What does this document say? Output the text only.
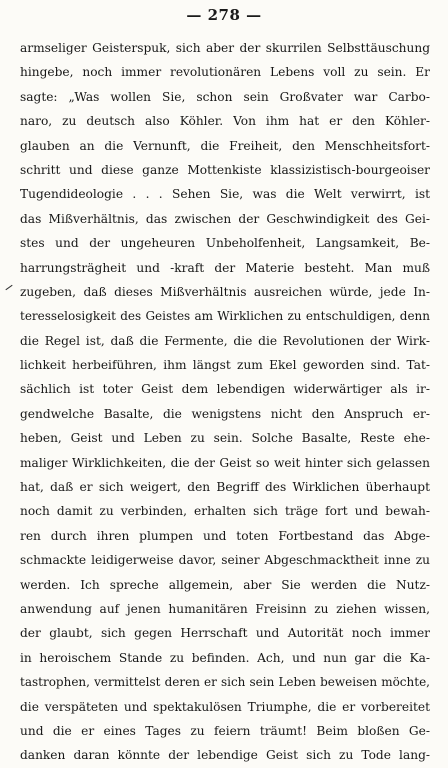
— 278 —
armseliger Geisterspuk, sich aber der skurrilen Selbsttäuschung
hingebe, noch immer revolutionären Lebens voll zu sein. Er
sagte: „Was wollen Sie, schon sein Großvater war Carbo-
naro, zu deutsch also Köhler. Von ihm hat er den Köhler-
glauben an die Vernunft, die Freiheit, den Menschheitsfort-
schritt und diese ganze Mottenkiste klassizistisch-bourgeoiser
Tugendideologie . . . Sehen Sie, was die Welt verwirrt, ist
das Mißverhältnis, das zwischen der Geschwindigkeit des Gei-
stes und der ungeheuren Unbeholfenheit, Langsamkeit, Be-
harrungsträgheit und -kraft der Materie besteht. Man muß
zugeben, daß dieses Mißverhältnis ausreichen würde, jede In-
teresselosigkeit des Geistes am Wirklichen zu entschuldigen, denn
die Regel ist, daß die Fermente, die die Revolutionen der Wirk-
lichkeit herbeiführen, ihm längst zum Ekel geworden sind. Tat-
sächlich ist toter Geist dem lebendigen widerwärtiger als ir-
gendwelche Basalte, die wenigstens nicht den Anspruch er-
heben, Geist und Leben zu sein. Solche Basalte, Reste ehe-
maliger Wirklichkeiten, die der Geist so weit hinter sich gelassen
hat, daß er sich weigert, den Begriff des Wirklichen überhaupt
noch damit zu verbinden, erhalten sich träge fort und bewah-
ren durch ihren plumpen und toten Fortbestand das Abge-
schmackte leidigerweise davor, seiner Abgeschmacktheit inne zu
werden. Ich spreche allgemein, aber Sie werden die Nutz-
anwendung auf jenen humanitären Freisinn zu ziehen wissen,
der glaubt, sich gegen Herrschaft und Autorität noch immer
in heroischem Stande zu befinden. Ach, und nun gar die Ka-
tastrophen, vermittelst deren er sich sein Leben beweisen möchte,
die verspäteten und spektakulösen Triumphe, die er vorbereitet
und die er eines Tages zu feiern träumt! Beim bloßen Ge-
danken daran könnte der lebendige Geist sich zu Tode lang-
